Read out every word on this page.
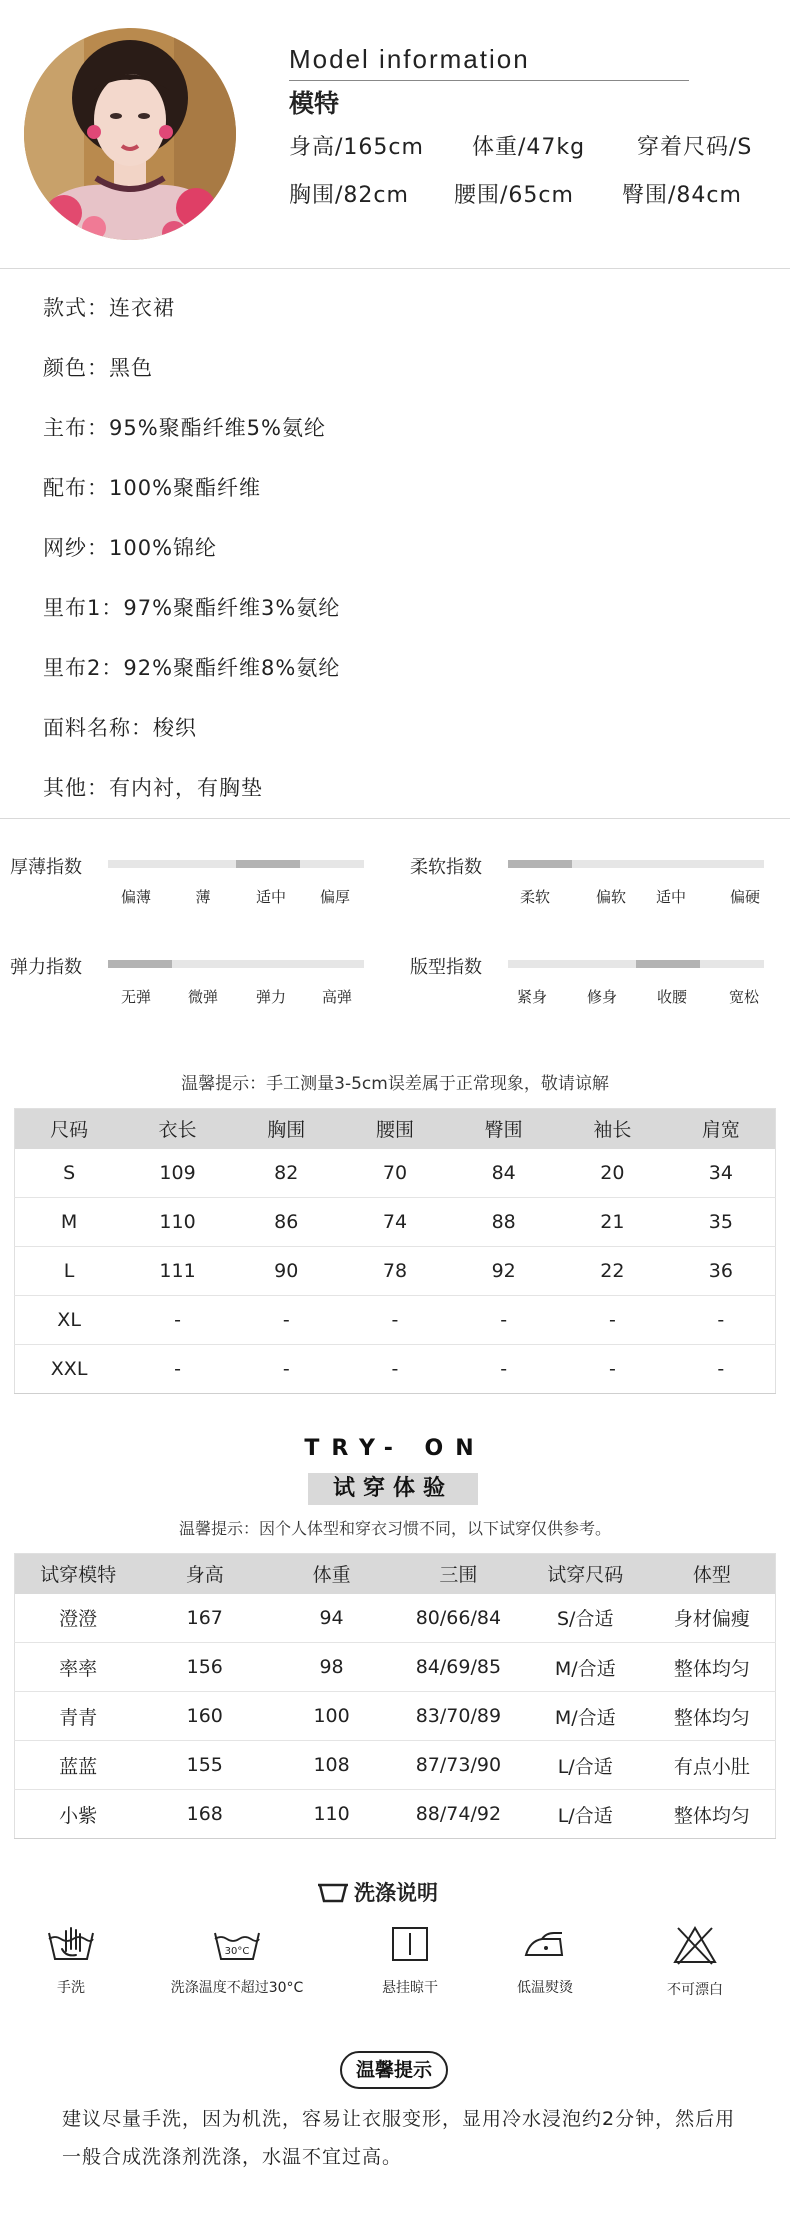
Model information
模特
身高/165cm 体重/47kg 穿着尺码/S
胸围/82cm 腰围/65cm 臀围/84cm
款式：连衣裙
颜色：黑色
主布：95%聚酯纤维5%氨纶
配布：100%聚酯纤维
网纱：100%锦纶
里布1：97%聚酯纤维3%氨纶
里布2：92%聚酯纤维8%氨纶
面料名称：梭织
其他：有内衬，有胸垫
厚薄指数
偏薄	薄	适中 偏厚
柔软指数
柔软	偏软 适中	偏硬
弹力指数
无弹 微弹	弹力 高弹
版型指数
紧身	修身	收腰	宽松
温馨提示：手工测量3-5cm误差属于正常现象，敬请谅解
尺码	衣长	胸围	腰围	臀围	袖长	肩宽
S	109	82	70	84	20	34
M	110	86	74	88	21	35
L	111	90	78	92	22	36
XL	-	-	-	-	-	-
XXL	-	-	-	-	-	-
TRY- ON
试穿体验
温馨提示：因个人体型和穿衣习惯不同，以下试穿仅供参考。
试穿模特	身高	体重	三围	试穿尺码	体型
澄澄	167	94	80/66/84	S/合适	身材偏瘦
率率	156	98	84/69/85	M/合适	整体均匀
青青	160	100	83/70/89	M/合适	整体均匀
蓝蓝	155	108	87/73/90	L/合适	有点小肚
小紫	168	110	88/74/92	L/合适	整体均匀
洗涤说明
手洗
30°C
洗涤温度不超过30°C	悬挂晾干	低温熨烫	不可漂白
温馨提示
建议尽量手洗，因为机洗，容易让衣服变形，显用冷水浸泡约2分钟，然后用一般合成洗涤剂洗涤，水温不宜过高。
